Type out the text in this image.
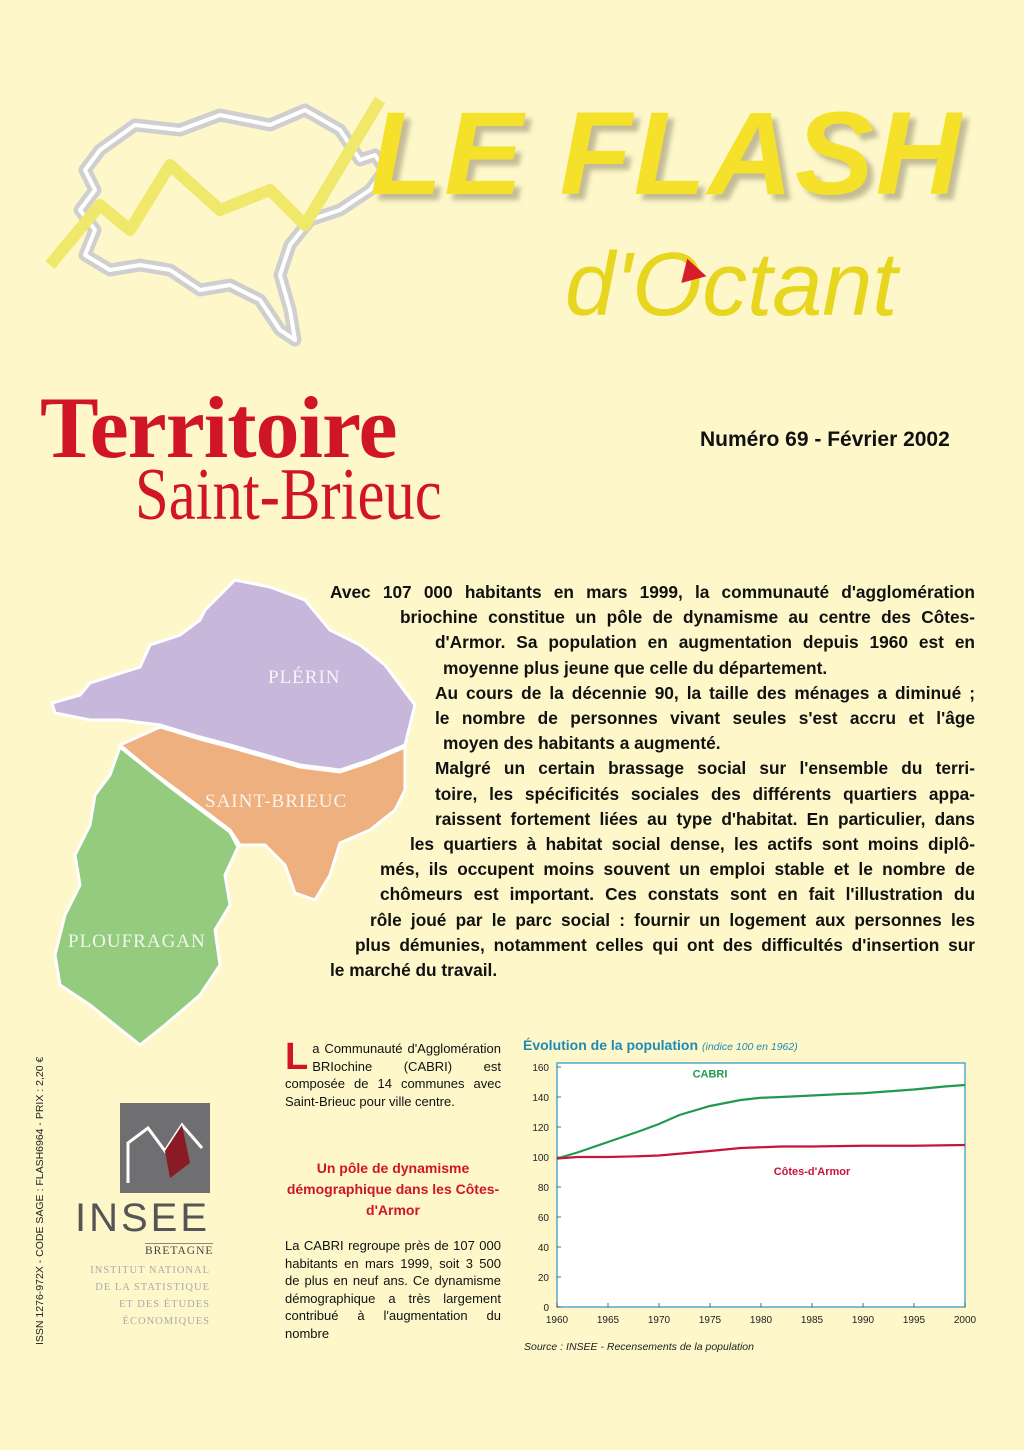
LE FLASH
d'Octant
Territoire
Saint-Brieuc
Numéro 69 - Février 2002
PLÉRIN
SAINT-BRIEUC
PLOUFRAGAN
Avec 107 000 habitants en mars 1999, la communauté d'agglomération
briochine constitue un pôle de dynamisme au centre des Côtes-
d'Armor. Sa population en augmentation depuis 1960 est en
moyenne plus jeune que celle du département.
Au cours de la décennie 90, la taille des ménages a diminué ;
le nombre de personnes vivant seules s'est accru et l'âge
moyen des habitants a augmenté.
Malgré un certain brassage social sur l'ensemble du terri-
toire, les spécificités sociales des différents quartiers appa-
raissent fortement liées au type d'habitat. En particulier, dans
les quartiers à habitat social dense, les actifs sont moins diplô-
més, ils occupent moins souvent un emploi stable et le nombre de
chômeurs est important. Ces constats sont en fait l'illustration du
rôle joué par le parc social : fournir un logement aux personnes les
plus démunies, notamment celles qui ont des difficultés d'insertion sur
le marché du travail.
ISSN 1276-972X - CODE SAGE : FLASH6964 - PRIX : 2,20 € INSEE
BRETAGNE
INSTITUT NATIONAL DE LA STATISTIQUE ET DES ÉTUDES ÉCONOMIQUES
L a Communauté d'Agglomération BRIochine (CABRI) est composée de 14 communes avec Saint-Brieuc pour ville centre.
Un pôle de dynamisme démographique dans les Côtes-d'Armor
La CABRI regroupe près de 107 000 habitants en mars 1999, soit 3 500 de plus en neuf ans. Ce dynamisme démographique a très largement contribué à l'augmentation du nombre
Évolution de la population (indice 100 en 1962)
0
20
40
60
80
100
120
140
160
1960	1965	1970	1975	1980	1985	1990	1995	2000
CABRI
Côtes-d'Armor
Source : INSEE - Recensements de la population
